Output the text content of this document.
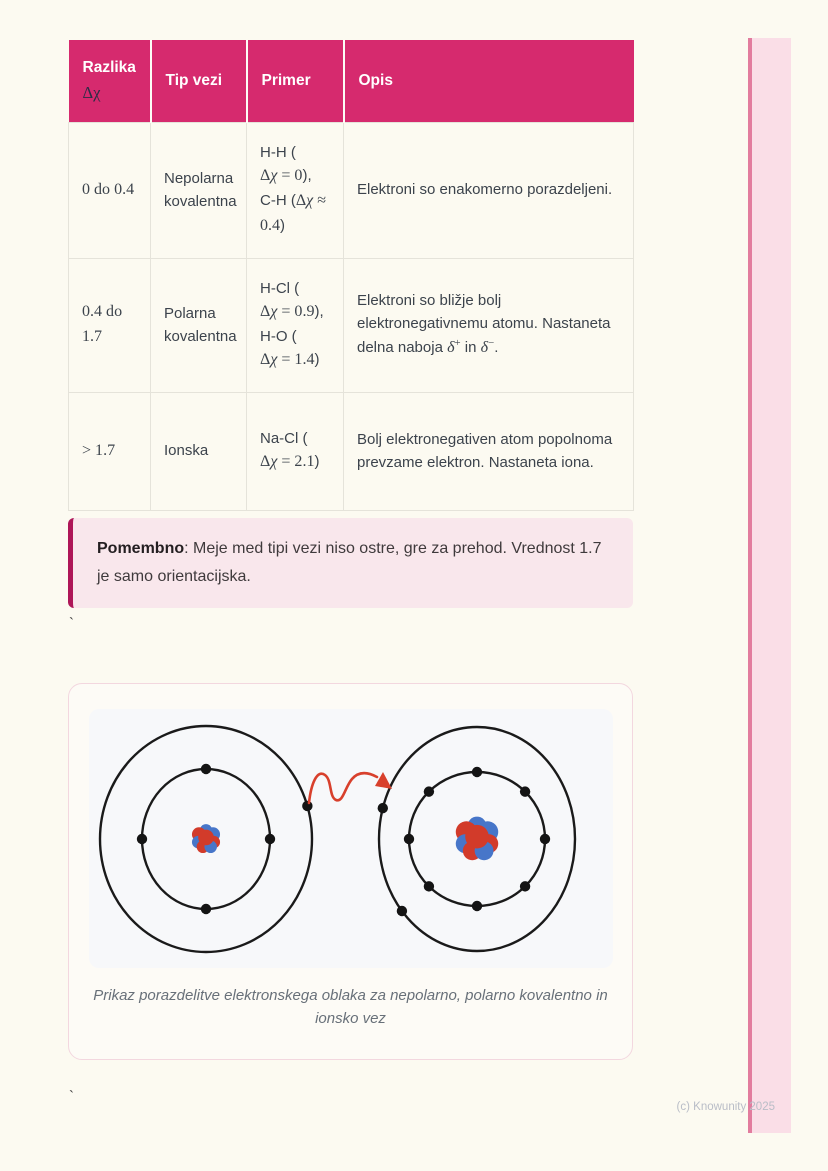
Razlika
Δχ	Tip vezi	Primer	Opis
0 do 0.4	Nepolarna kovalentna	H-H (
Δχ = 0),
C-H (Δχ ≈
0.4)	Elektroni so enakomerno porazdeljeni.
0.4 do
1.7	Polarna kovalentna	H-Cl (
Δχ = 0.9),
H-O (
Δχ = 1.4)	Elektroni so bližje bolj elektronegativnemu atomu. Nastaneta delna naboja δ+ in δ−.
> 1.7	Ionska	Na-Cl (
Δχ = 2.1)	Bolj elektronegativen atom popolnoma prevzame elektron. Nastaneta iona.
Pomembno: Meje med tipi vezi niso ostre, gre za prehod. Vrednost 1.7 je samo orientacijska.
`
Prikaz porazdelitve elektronskega oblaka za nepolarno, polarno kovalentno in ionsko vez
`
(c) Knowunity 2025
